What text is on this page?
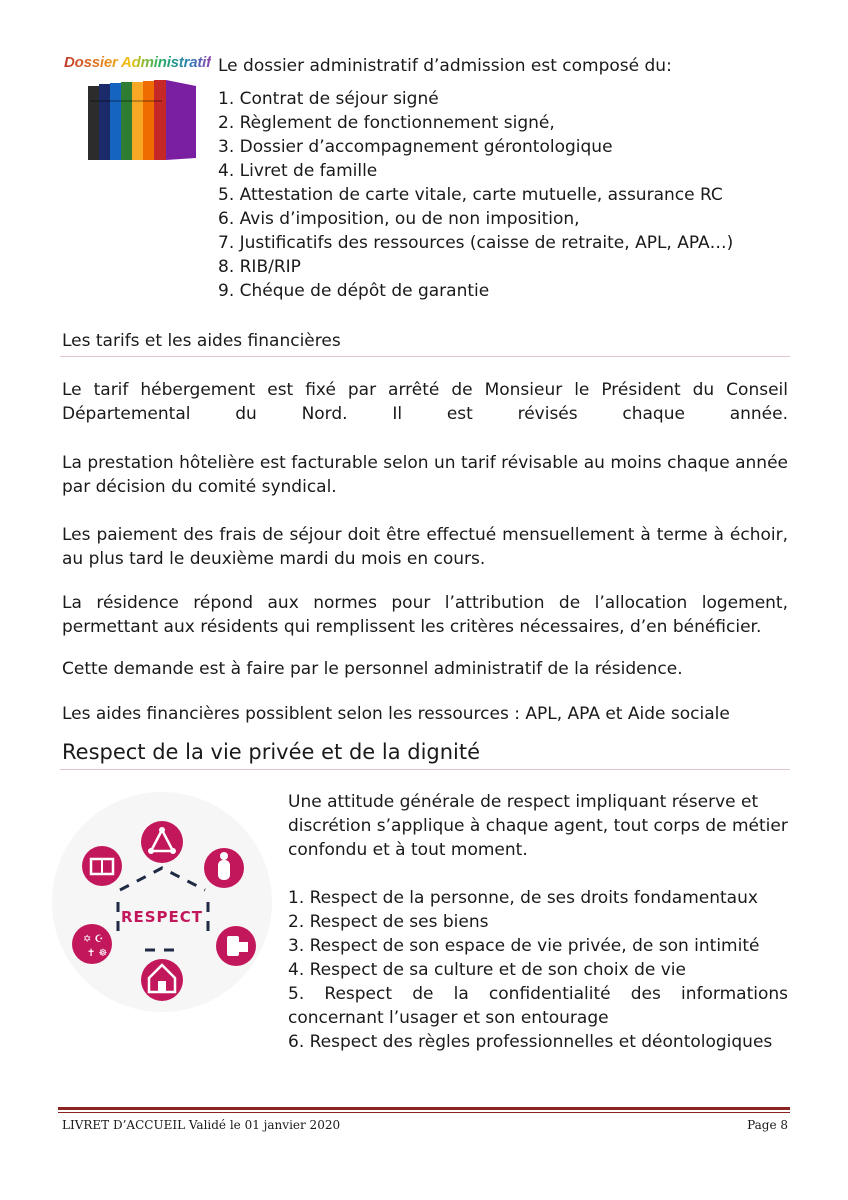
Dossier Administratif Le dossier administratif d’admission est composé du:
1. Contrat de séjour signé
2. Règlement de fonctionnement signé,
3. Dossier d’accompagnement gérontologique
4. Livret de famille
5. Attestation de carte vitale, carte mutuelle, assurance RC
6. Avis d’imposition, ou de non imposition,
7. Justificatifs des ressources (caisse de retraite, APL, APA…)
8. RIB/RIP
9. Chéque de dépôt de garantie
Les tarifs et les aides financières

Le tarif hébergement est fixé par arrêté de Monsieur le Président du Conseil Départemental du Nord. Il est révisés chaque année.

La prestation hôtelière est facturable selon un tarif révisable au moins chaque année par décision du comité syndical.

Les paiement des frais de séjour doit être effectué mensuellement à terme à échoir, au plus tard le deuxième mardi du mois en cours.

La résidence répond aux normes pour l’attribution de l’allocation logement, permettant aux résidents qui remplissent les critères nécessaires, d’en bénéficier.

Cette demande est à faire par le personnel administratif de la résidence.

Les aides financières possiblent selon les ressources : APL, APA et Aide sociale

Respect de la vie privée et de la dignité
✡ ☪
✝ ☸
RESPECT

Une attitude générale de respect impliquant réserve et discrétion s’applique à chaque agent, tout corps de métier confondu et à tout moment.

1. Respect de la personne, de ses droits fondamentaux
2. Respect de ses biens
3. Respect de son espace de vie privée, de son intimité
4. Respect de sa culture et de son choix de vie
5. Respect de la confidentialité des informations concernant l’usager et son entourage
6. Respect des règles professionnelles et déontologiques
LIVRET D’ACCUEIL Validé le 01 janvier 2020	Page 8
